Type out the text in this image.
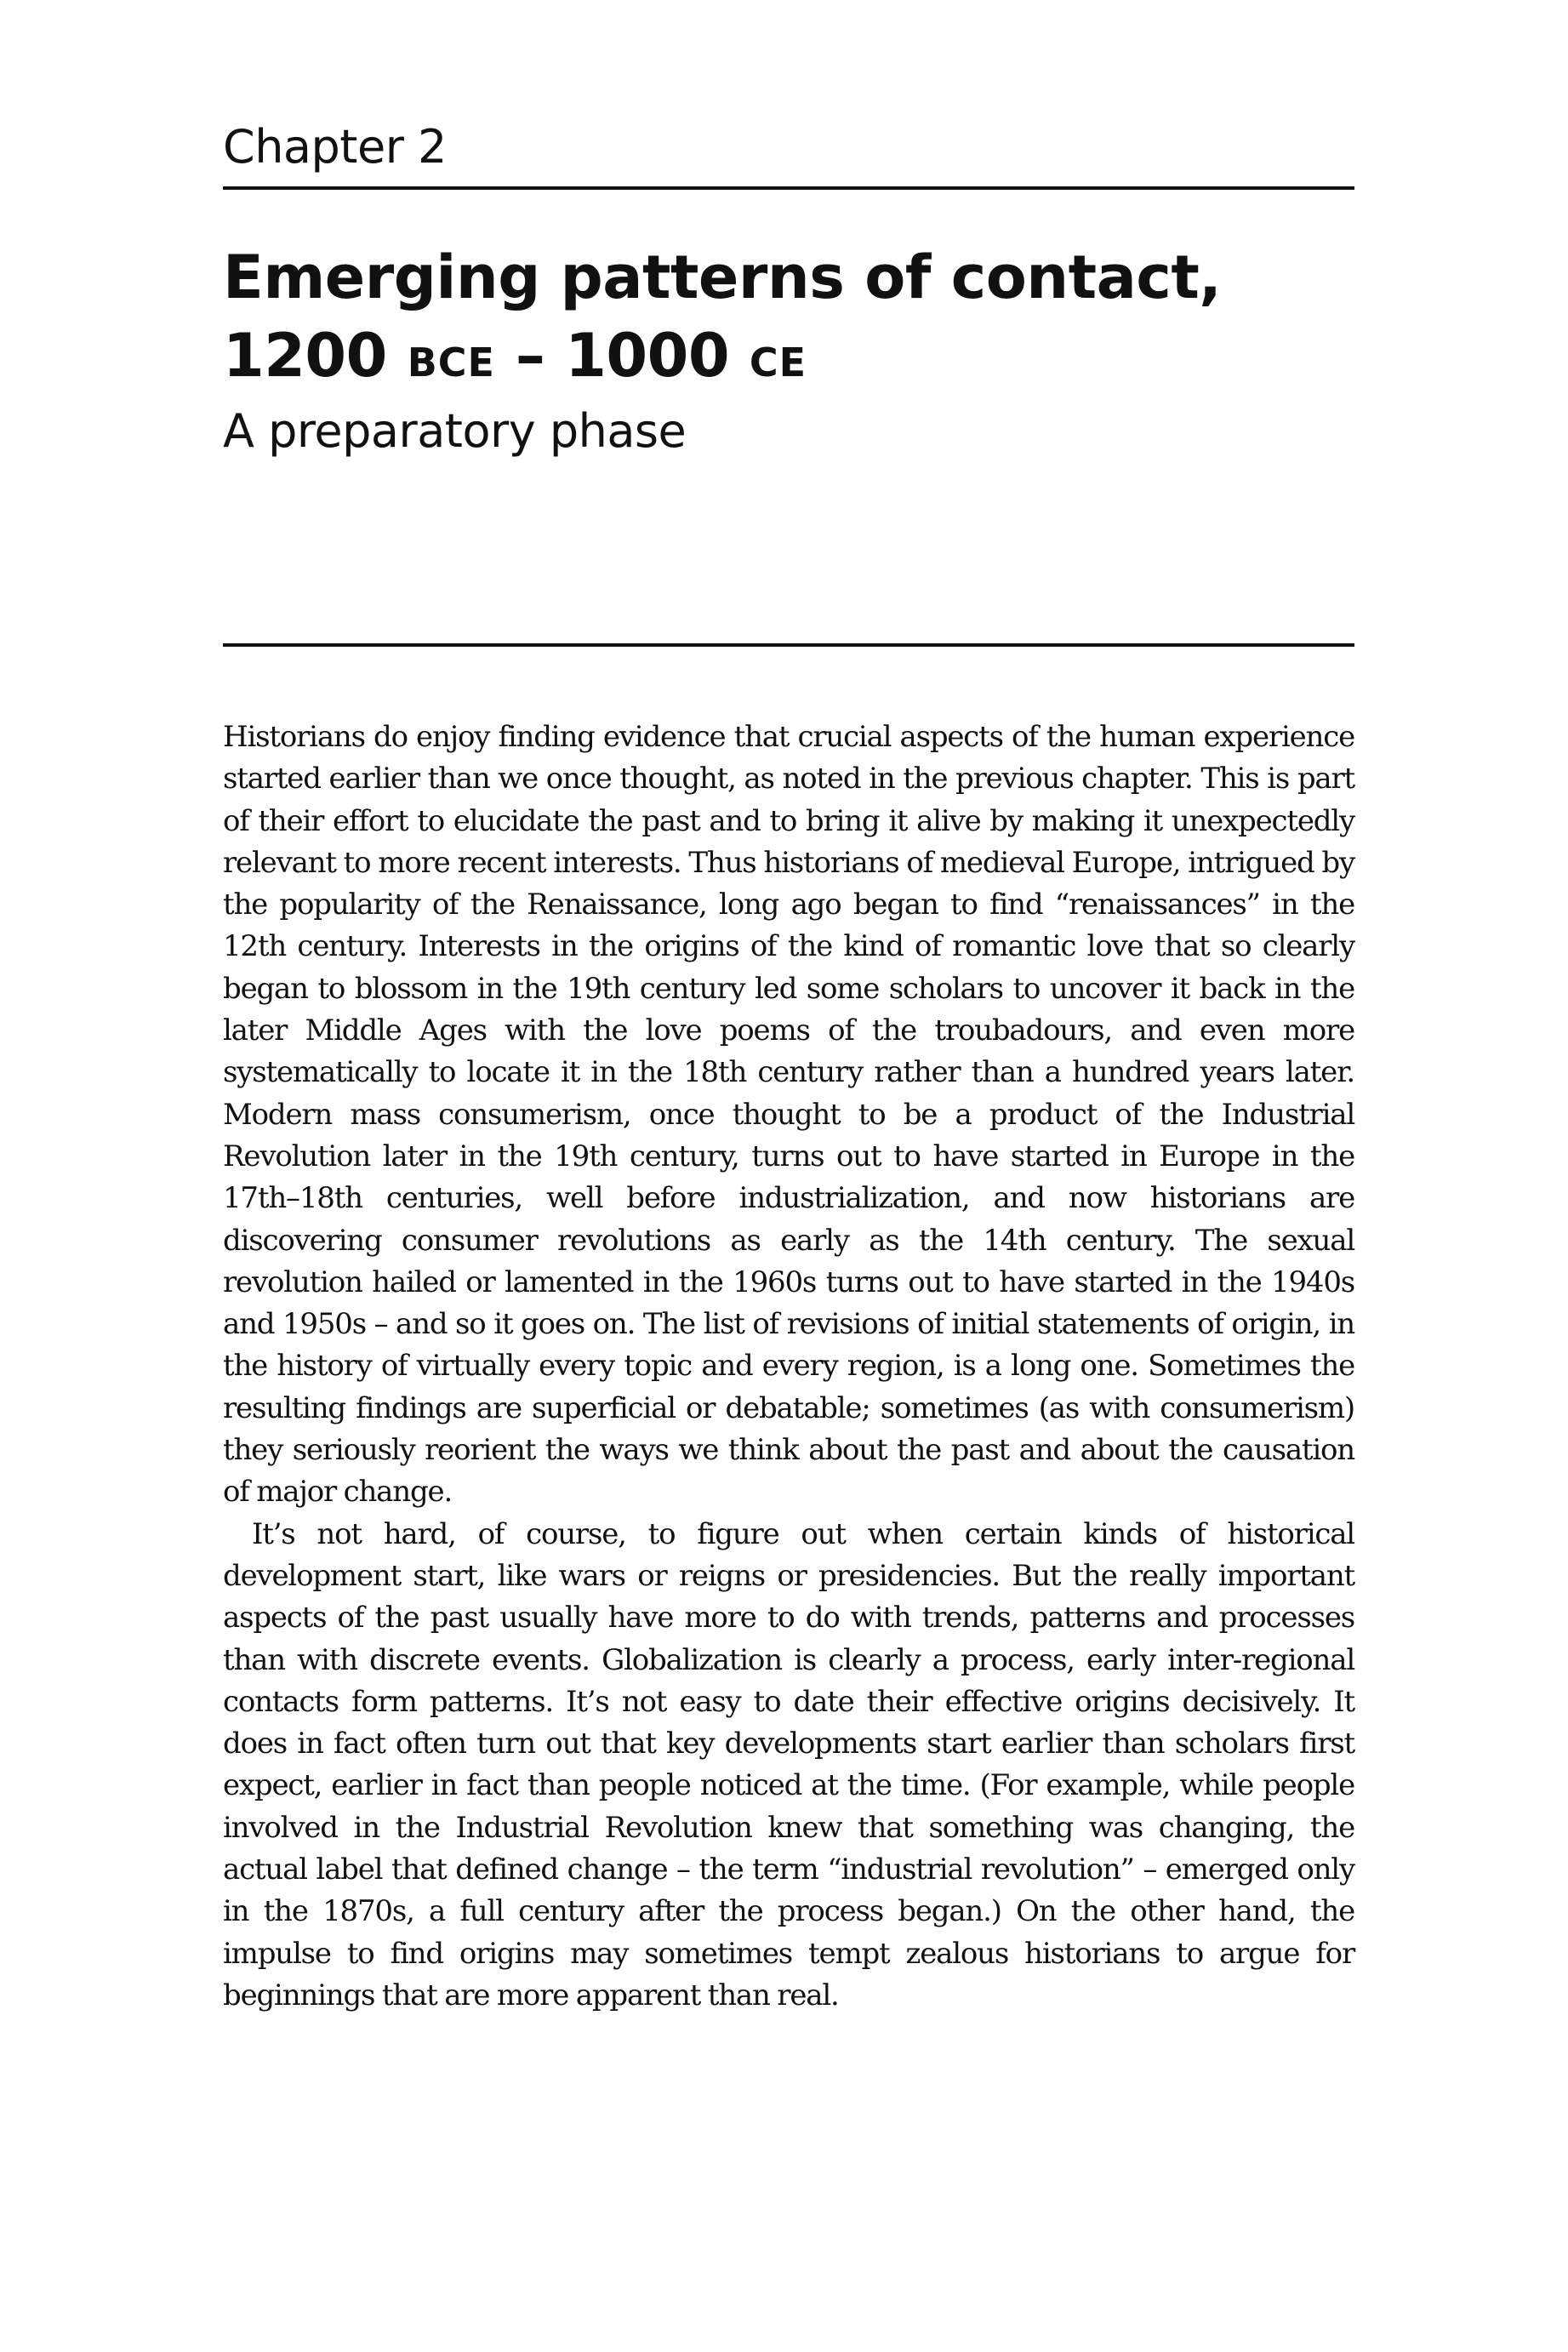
Chapter 2
Emerging patterns of contact,
1200 BCE – 1000 CE
A preparatory phase

Historians do enjoy finding evidence that crucial aspects of the human experience started earlier than we once thought, as noted in the previous chapter. This is part of their effort to elucidate the past and to bring it alive by making it unexpectedly relevant to more recent interests. Thus historians of medieval Europe, intrigued by the popularity of the Renaissance, long ago began to find “renaissances” in the 12th century. Interests in the origins of the kind of romantic love that so clearly began to blossom in the 19th century led some scholars to uncover it back in the later Middle Ages with the love poems of the troubadours, and even more systematically to locate it in the 18th century rather than a hundred years later. Modern mass consumerism, once thought to be a product of the Industrial Revolution later in the 19th century, turns out to have started in Europe in the 17th–18th centuries, well before industrialization, and now historians are discovering consumer revolutions as early as the 14th century. The sexual revolution hailed or lamented in the 1960s turns out to have started in the 1940s and 1950s – and so it goes on. The list of revisions of initial statements of origin, in the history of virtually every topic and every region, is a long one. Sometimes the resulting findings are superficial or debatable; sometimes (as with consumerism) they seriously reorient the ways we think about the past and about the causation of major change.

It’s not hard, of course, to figure out when certain kinds of historical development start, like wars or reigns or presidencies. But the really important aspects of the past usually have more to do with trends, patterns and processes than with discrete events. Globalization is clearly a process, early inter-regional contacts form patterns. It’s not easy to date their effective origins decisively. It does in fact often turn out that key developments start earlier than scholars first expect, earlier in fact than people noticed at the time. (For example, while people involved in the Industrial Revolution knew that something was changing, the actual label that defined change – the term “industrial revolution” – emerged only in the 1870s, a full century after the process began.) On the other hand, the impulse to find origins may sometimes tempt zealous historians to argue for beginnings that are more apparent than real.
